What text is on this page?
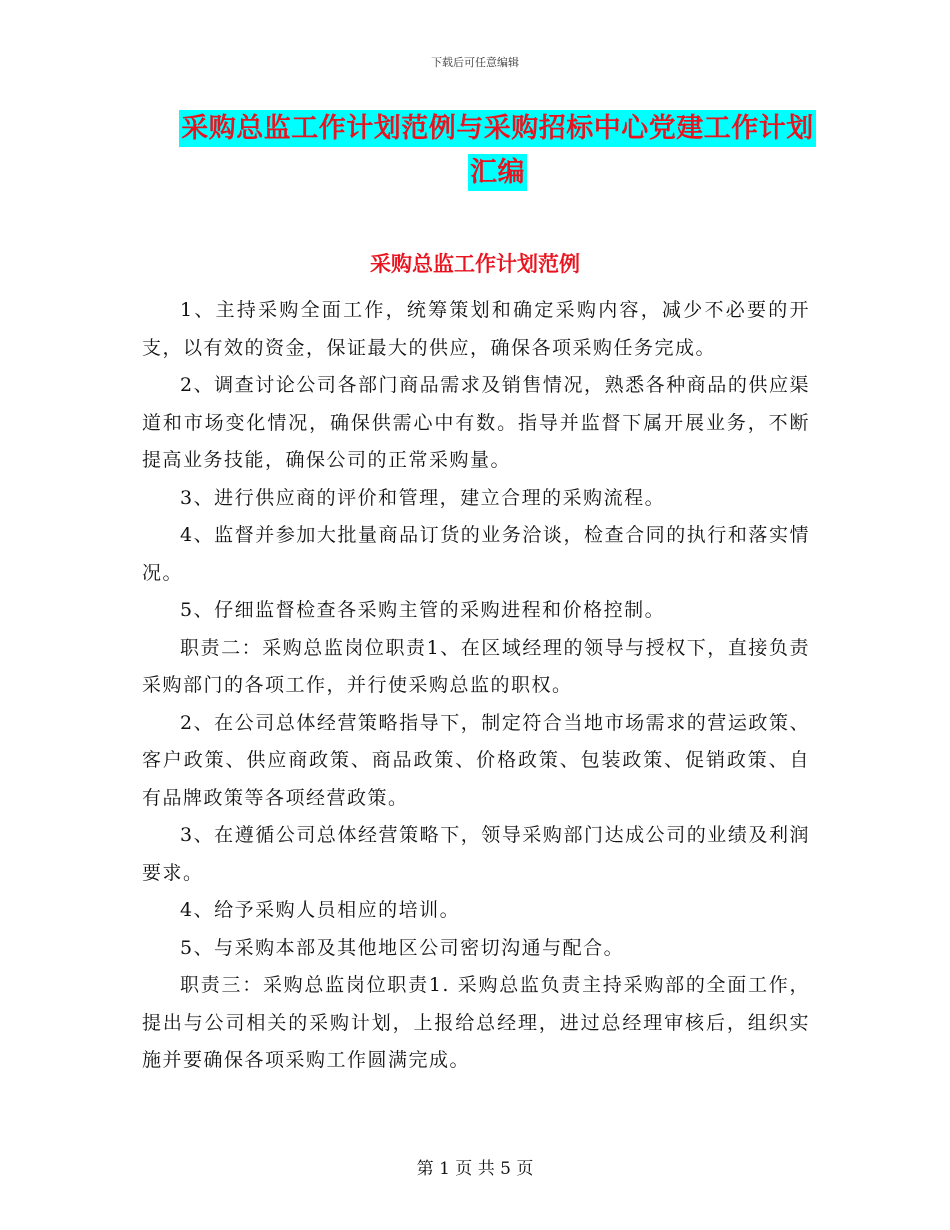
下载后可任意编辑
采购总监工作计划范例与采购招标中心党建工作计划
汇编
采购总监工作计划范例

1、主持采购全面工作，统筹策划和确定采购内容，减少不必要的开支，以有效的资金，保证最大的供应，确保各项采购任务完成。

2、调查讨论公司各部门商品需求及销售情况，熟悉各种商品的供应渠道和市场变化情况，确保供需心中有数。指导并监督下属开展业务，不断提高业务技能，确保公司的正常采购量。

3、进行供应商的评价和管理，建立合理的采购流程。

4、监督并参加大批量商品订货的业务洽谈，检查合同的执行和落实情况。

5、仔细监督检查各采购主管的采购进程和价格控制。

职责二：采购总监岗位职责1、在区域经理的领导与授权下，直接负责采购部门的各项工作，并行使采购总监的职权。

2、在公司总体经营策略指导下，制定符合当地市场需求的营运政策、客户政策、供应商政策、商品政策、价格政策、包装政策、促销政策、自有品牌政策等各项经营政策。

3、在遵循公司总体经营策略下，领导采购部门达成公司的业绩及利润要求。

4、给予采购人员相应的培训。

5、与采购本部及其他地区公司密切沟通与配合。

职责三：采购总监岗位职责1. 采购总监负责主持采购部的全面工作，提出与公司相关的采购计划，上报给总经理，进过总经理审核后，组织实施并要确保各项采购工作圆满完成。

第 1 页 共 5 页
